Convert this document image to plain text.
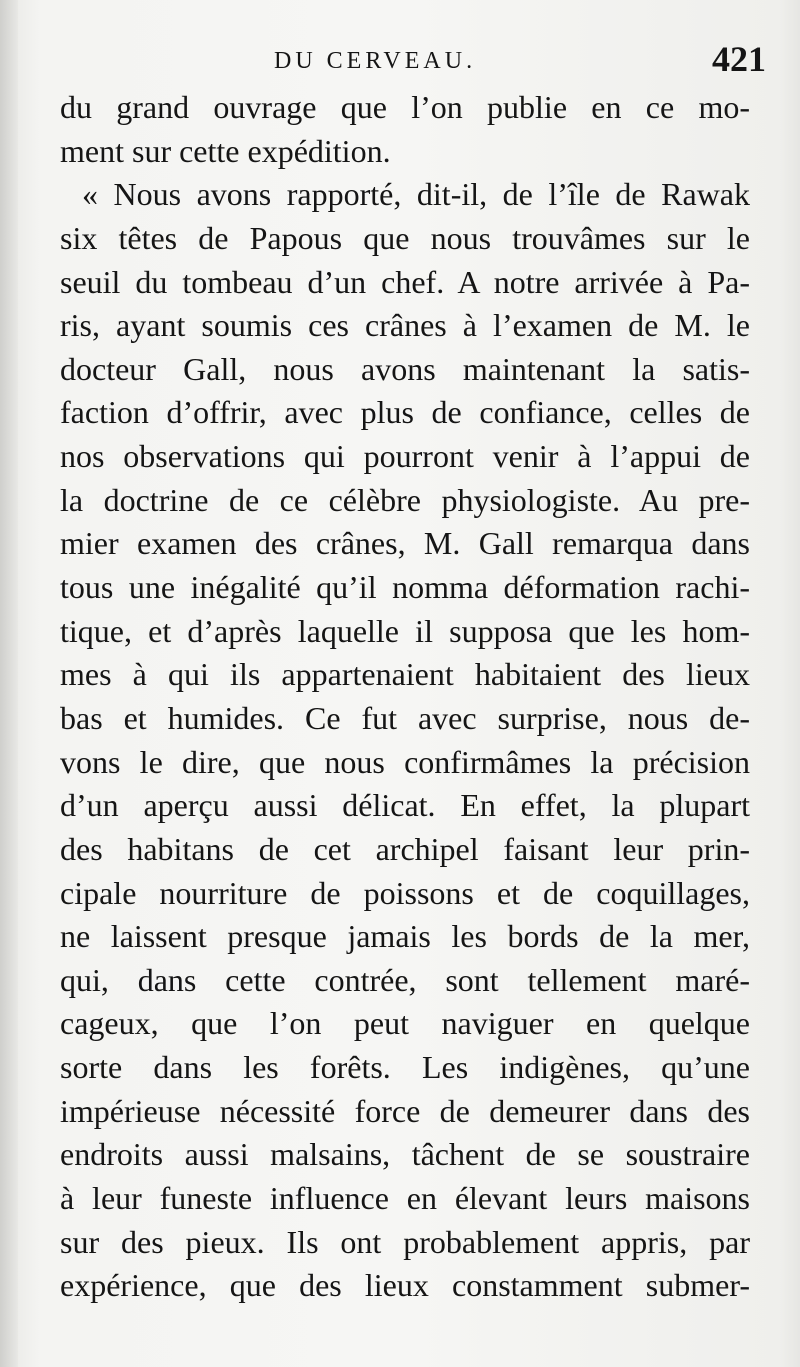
DU CERVEAU.	421
du grand ouvrage que l’on publie en ce mo-
ment sur cette expédition.
« Nous avons rapporté, dit-il, de l’île de Rawak
six têtes de Papous que nous trouvâmes sur le
seuil du tombeau d’un chef. A notre arrivée à Pa-
ris, ayant soumis ces crânes à l’examen de M. le
docteur Gall, nous avons maintenant la satis-
faction d’offrir, avec plus de confiance, celles de
nos observations qui pourront venir à l’appui de
la doctrine de ce célèbre physiologiste. Au pre-
mier examen des crânes, M. Gall remarqua dans
tous une inégalité qu’il nomma déformation rachi-
tique, et d’après laquelle il supposa que les hom-
mes à qui ils appartenaient habitaient des lieux
bas et humides. Ce fut avec surprise, nous de-
vons le dire, que nous confirmâmes la précision
d’un aperçu aussi délicat. En effet, la plupart
des habitans de cet archipel faisant leur prin-
cipale nourriture de poissons et de coquillages,
ne laissent presque jamais les bords de la mer,
qui, dans cette contrée, sont tellement maré-
cageux, que l’on peut naviguer en quelque
sorte dans les forêts. Les indigènes, qu’une
impérieuse nécessité force de demeurer dans des
endroits aussi malsains, tâchent de se soustraire
à leur funeste influence en élevant leurs maisons
sur des pieux. Ils ont probablement appris, par
expérience, que des lieux constamment submer-
